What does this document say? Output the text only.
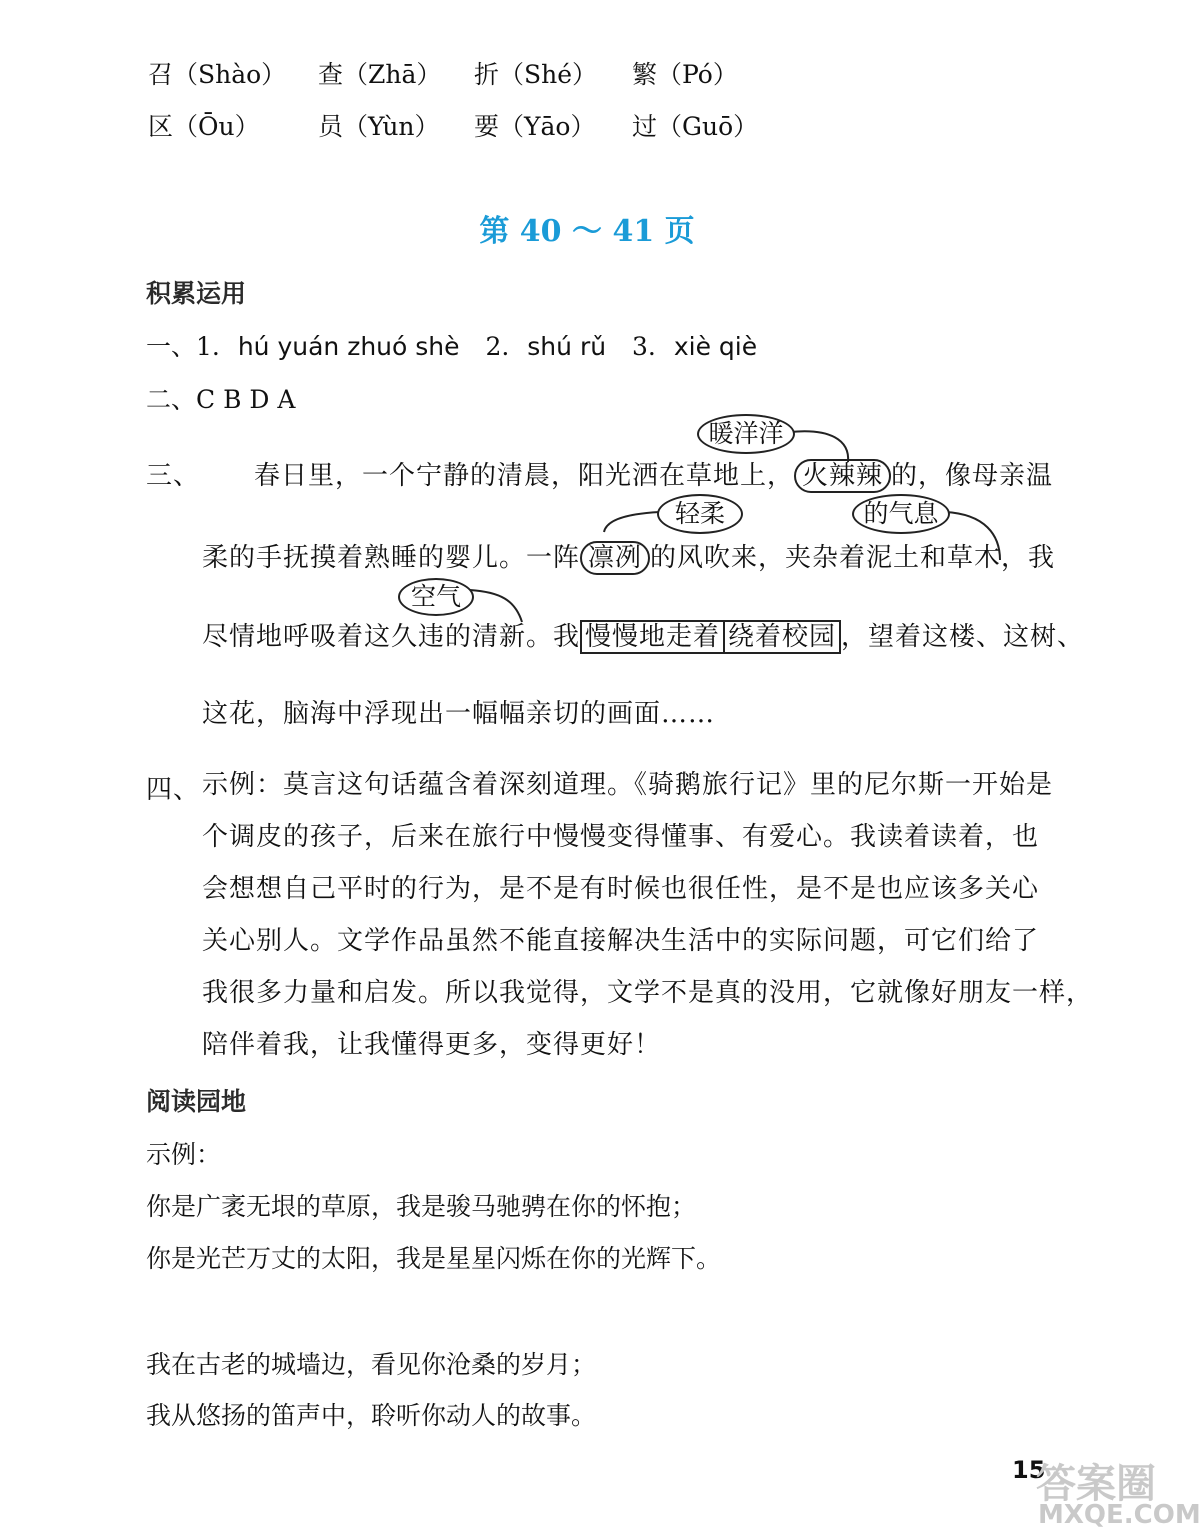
召（Shào） 查（Zhā） 折（Shé） 繁（Pó）
区（Ōu） 员（Yùn） 要（Yāo） 过（Guō）
第 40 ～ 41 页
积累运用
一、1. hú yuán zhuó shè 2. shú rǔ 3. xiè qiè
二、C B D A
三、
暖洋洋
轻柔	的气息
空气
春日里，一个宁静的清晨，阳光洒在草地上， 火辣辣 的，像母亲温
柔的手抚摸着熟睡的婴儿。一阵 凛冽 的风吹来，夹杂着泥土和草木，我
尽情地呼吸着这久违的清新。我 慢慢地走着 绕着校园 ，望着这楼、这树、
这花，脑海中浮现出一幅幅亲切的画面……
四、 示例：莫言这句话蕴含着深刻道理。《骑鹅旅行记》里的尼尔斯一开始是
个调皮的孩子，后来在旅行中慢慢变得懂事、有爱心。我读着读着，也
会想想自己平时的行为，是不是有时候也很任性，是不是也应该多关心
关心别人。文学作品虽然不能直接解决生活中的实际问题，可它们给了
我很多力量和启发。所以我觉得，文学不是真的没用，它就像好朋友一样，
陪伴着我，让我懂得更多，变得更好！
阅读园地
示例：
你是广袤无垠的草原，我是骏马驰骋在你的怀抱；
你是光芒万丈的太阳，我是星星闪烁在你的光辉下。
我在古老的城墙边，看见你沧桑的岁月；
我从悠扬的笛声中，聆听你动人的故事。
15
答案圈
MXQE.COM
